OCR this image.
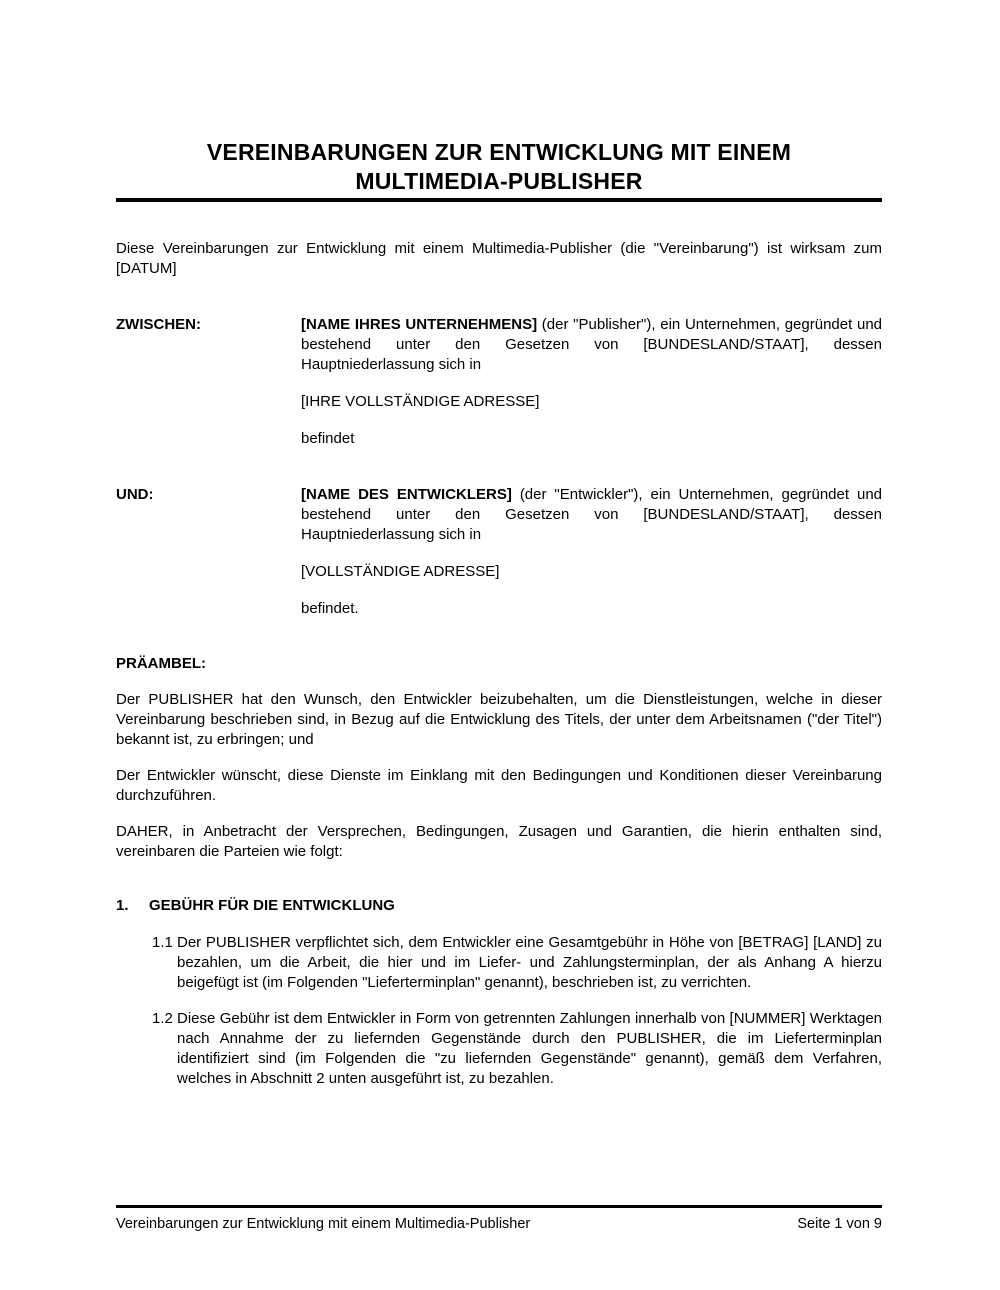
VEREINBARUNGEN ZUR ENTWICKLUNG MIT EINEM
MULTIMEDIA-PUBLISHER

Diese Vereinbarungen zur Entwicklung mit einem Multimedia-Publisher (die "Vereinbarung") ist wirksam zum [DATUM]

ZWISCHEN:	[NAME IHRES UNTERNEHMENS] (der "Publisher"), ein Unternehmen, gegründet und bestehend unter den Gesetzen von [BUNDESLAND/STAAT], dessen Hauptniederlassung sich in

[IHRE VOLLSTÄNDIGE ADRESSE]

befindet

UND:	[NAME DES ENTWICKLERS] (der "Entwickler"), ein Unternehmen, gegründet und bestehend unter den Gesetzen von [BUNDESLAND/STAAT], dessen Hauptniederlassung sich in

[VOLLSTÄNDIGE ADRESSE]

befindet.

PRÄAMBEL:

Der PUBLISHER hat den Wunsch, den Entwickler beizubehalten, um die Dienstleistungen, welche in dieser Vereinbarung beschrieben sind, in Bezug auf die Entwicklung des Titels, der unter dem Arbeitsnamen ("der Titel") bekannt ist, zu erbringen; und

Der Entwickler wünscht, diese Dienste im Einklang mit den Bedingungen und Konditionen dieser Vereinbarung durchzuführen.

DAHER, in Anbetracht der Versprechen, Bedingungen, Zusagen und Garantien, die hierin enthalten sind, vereinbaren die Parteien wie folgt:

1. GEBÜHR FÜR DIE ENTWICKLUNG

1.1 Der PUBLISHER verpflichtet sich, dem Entwickler eine Gesamtgebühr in Höhe von [BETRAG] [LAND] zu bezahlen, um die Arbeit, die hier und im Liefer- und Zahlungsterminplan, der als Anhang A hierzu beigefügt ist (im Folgenden "Lieferterminplan" genannt), beschrieben ist, zu verrichten.

1.2 Diese Gebühr ist dem Entwickler in Form von getrennten Zahlungen innerhalb von [NUMMER] Werktagen nach Annahme der zu liefernden Gegenstände durch den PUBLISHER, die im Lieferterminplan identifiziert sind (im Folgenden die "zu liefernden Gegenstände" genannt), gemäß dem Verfahren, welches in Abschnitt 2 unten ausgeführt ist, zu bezahlen.

Vereinbarungen zur Entwicklung mit einem Multimedia-Publisher	Seite 1 von 9
